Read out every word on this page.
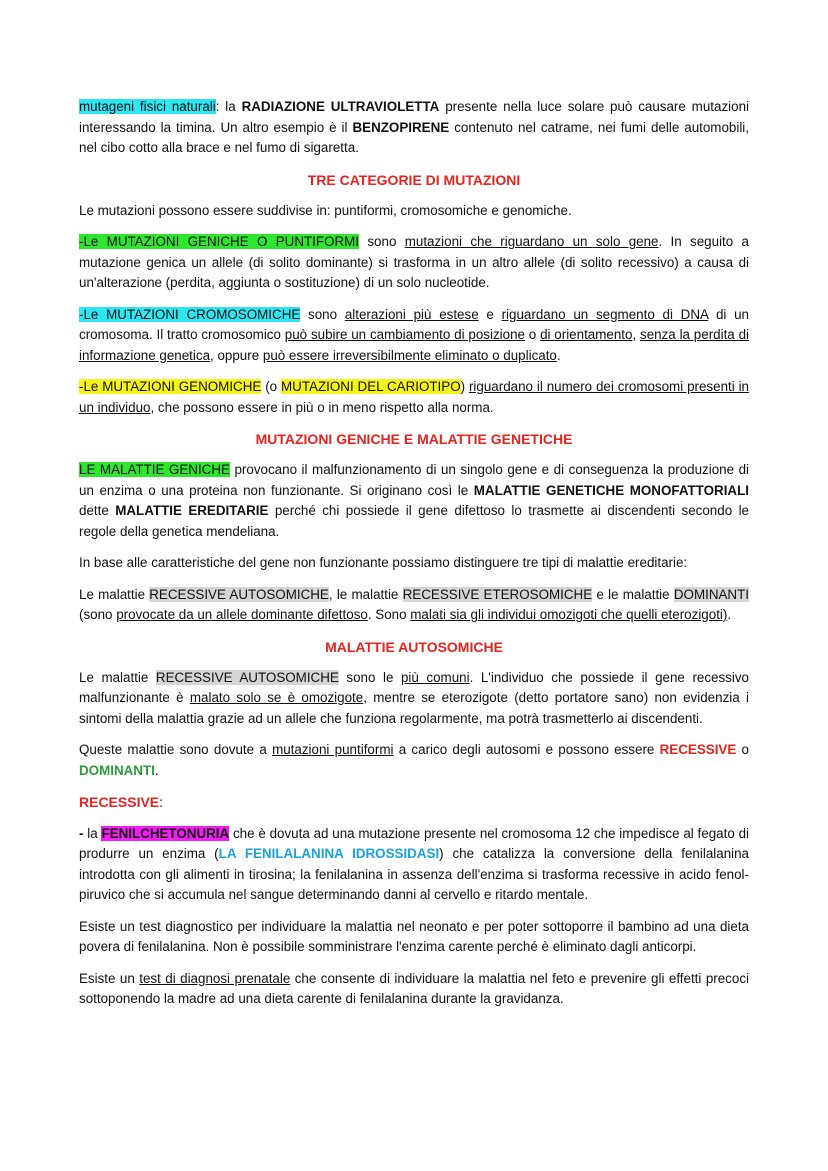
mutageni fisici naturali: la RADIAZIONE ULTRAVIOLETTA presente nella luce solare può causare mutazioni interessando la timina. Un altro esempio è il BENZOPIRENE contenuto nel catrame, nei fumi delle automobili, nel cibo cotto alla brace e nel fumo di sigaretta.

TRE CATEGORIE DI MUTAZIONI

Le mutazioni possono essere suddivise in: puntiformi, cromosomiche e genomiche.

-Le MUTAZIONI GENICHE O PUNTIFORMI sono mutazioni che riguardano un solo gene. In seguito a mutazione genica un allele (di solito dominante) si trasforma in un altro allele (di solito recessivo) a causa di un'alterazione (perdita, aggiunta o sostituzione) di un solo nucleotide.

-Le MUTAZIONI CROMOSOMICHE sono alterazioni più estese e riguardano un segmento di DNA di un cromosoma. Il tratto cromosomico può subire un cambiamento di posizione o di orientamento, senza la perdita di informazione genetica, oppure può essere irreversibilmente eliminato o duplicato.

-Le MUTAZIONI GENOMICHE (o MUTAZIONI DEL CARIOTIPO) riguardano il numero dei cromosomi presenti in un individuo, che possono essere in più o in meno rispetto alla norma.

MUTAZIONI GENICHE E MALATTIE GENETICHE

LE MALATTIE GENICHE provocano il malfunzionamento di un singolo gene e di conseguenza la produzione di un enzima o una proteina non funzionante. Si originano così le MALATTIE GENETICHE MONOFATTORIALI dette MALATTIE EREDITARIE perché chi possiede il gene difettoso lo trasmette ai discendenti secondo le regole della genetica mendeliana.

In base alle caratteristiche del gene non funzionante possiamo distinguere tre tipi di malattie ereditarie:

Le malattie RECESSIVE AUTOSOMICHE, le malattie RECESSIVE ETEROSOMICHE e le malattie DOMINANTI (sono provocate da un allele dominante difettoso. Sono malati sia gli individui omozigoti che quelli eterozigoti).

MALATTIE AUTOSOMICHE

Le malattie RECESSIVE AUTOSOMICHE sono le più comuni. L'individuo che possiede il gene recessivo malfunzionante è malato solo se è omozigote, mentre se eterozigote (detto portatore sano) non evidenzia i sintomi della malattia grazie ad un allele che funziona regolarmente, ma potrà trasmetterlo ai discendenti.

Queste malattie sono dovute a mutazioni puntiformi a carico degli autosomi e possono essere RECESSIVE o DOMINANTI.

RECESSIVE:

- la FENILCHETONURIA che è dovuta ad una mutazione presente nel cromosoma 12 che impedisce al fegato di produrre un enzima (LA FENILALANINA IDROSSIDASI) che catalizza la conversione della fenilalanina introdotta con gli alimenti in tirosina; la fenilalanina in assenza dell'enzima si trasforma recessive in acido fenol-piruvico che si accumula nel sangue determinando danni al cervello e ritardo mentale.

Esiste un test diagnostico per individuare la malattia nel neonato e per poter sottoporre il bambino ad una dieta povera di fenilalanina. Non è possibile somministrare l'enzima carente perché è eliminato dagli anticorpi.

Esiste un test di diagnosi prenatale che consente di individuare la malattia nel feto e prevenire gli effetti precoci sottoponendo la madre ad una dieta carente di fenilalanina durante la gravidanza.
